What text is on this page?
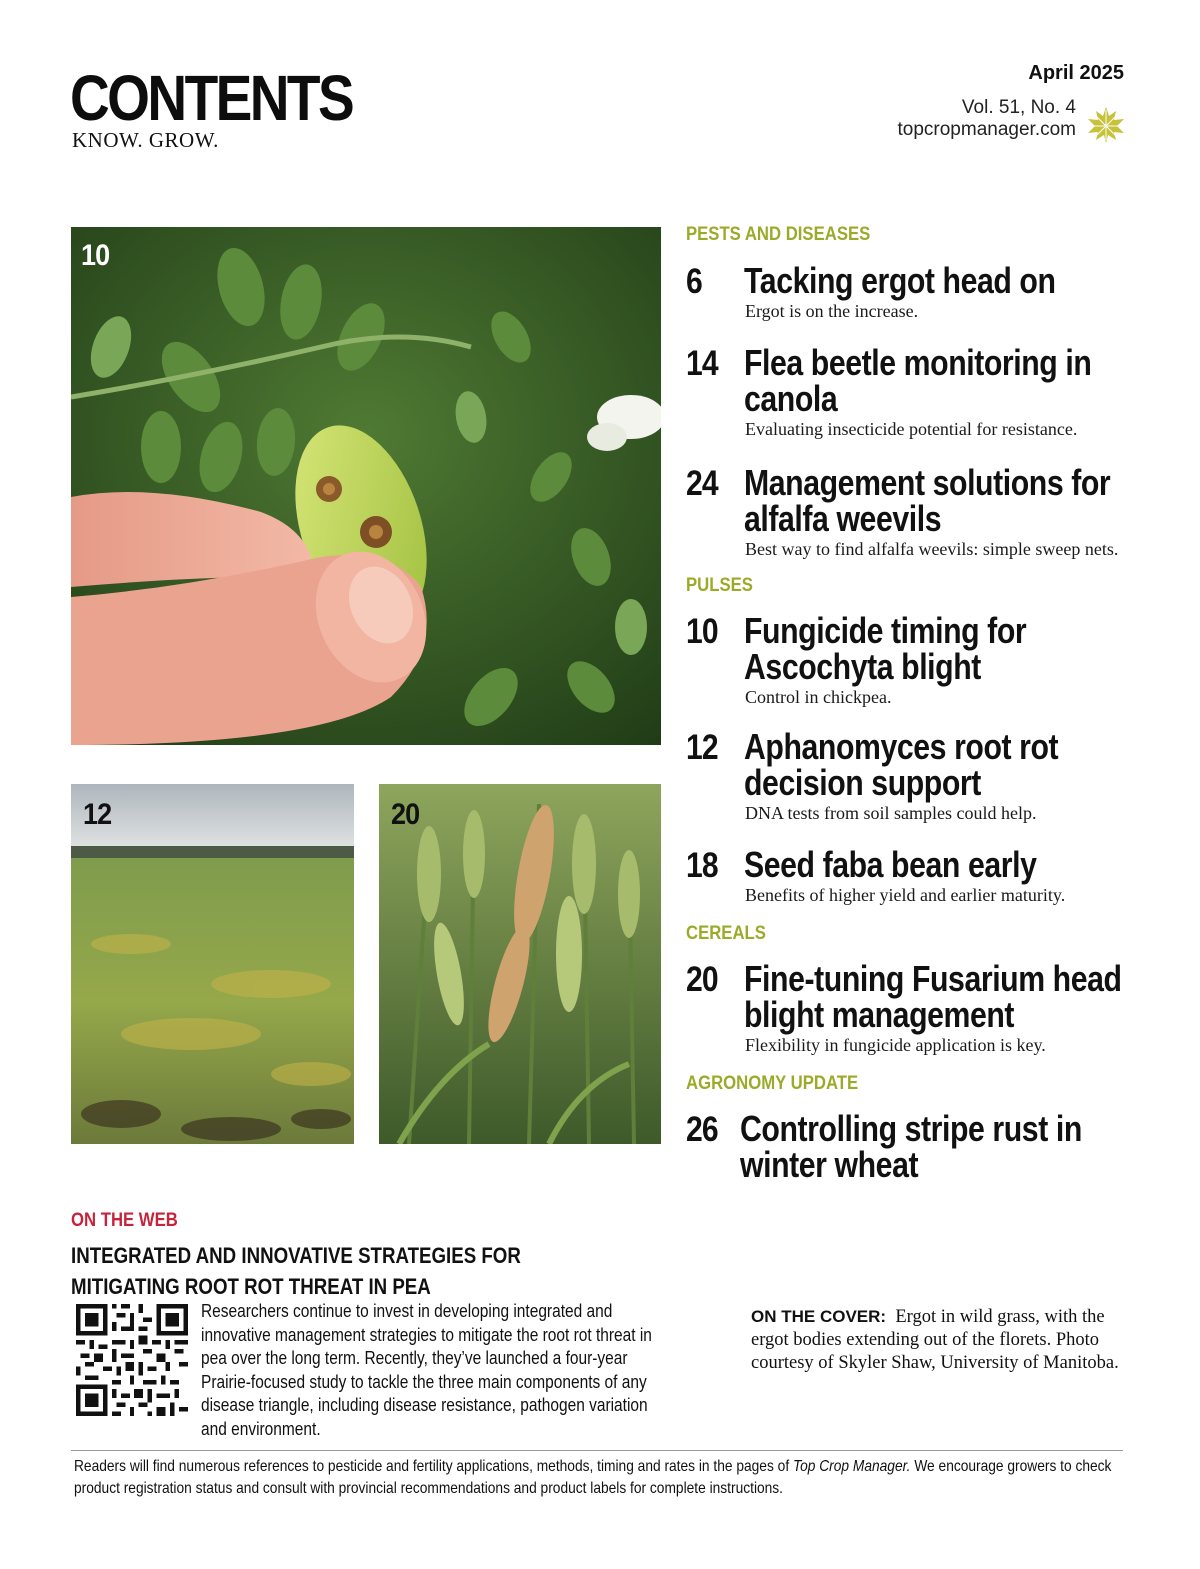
CONTENTS
KNOW. GROW.
April 2025
Vol. 51, No. 4
topcropmanager.com
10
12	20
PESTS AND DISEASES
6 Tacking ergot head on
Ergot is on the increase.
14 Flea beetle monitoring in canola
Evaluating insecticide potential for resistance.
24 Management solutions for alfalfa weevils
Best way to find alfalfa weevils: simple sweep nets.
PULSES
10 Fungicide timing for Ascochyta blight
Control in chickpea.
12 Aphanomyces root rot decision support
DNA tests from soil samples could help.
18 Seed faba bean early
Benefits of higher yield and earlier maturity.
CEREALS
20 Fine-tuning Fusarium head blight management
Flexibility in fungicide application is key.
AGRONOMY UPDATE
26 Controlling stripe rust in winter wheat
ON THE WEB
INTEGRATED AND INNOVATIVE STRATEGIES FOR MITIGATING ROOT ROT THREAT IN PEA
Researchers continue to invest in developing integrated and innovative management strategies to mitigate the root rot threat in pea over the long term. Recently, they’ve launched a four-year Prairie-focused study to tackle the three main components of any disease triangle, including disease resistance, pathogen variation and environment.
ON THE COVER: Ergot in wild grass, with the ergot bodies extending out of the florets. Photo courtesy of Skyler Shaw, University of Manitoba.
Readers will find numerous references to pesticide and fertility applications, methods, timing and rates in the pages of Top Crop Manager. We encourage growers to check product registration status and consult with provincial recommendations and product labels for complete instructions.
